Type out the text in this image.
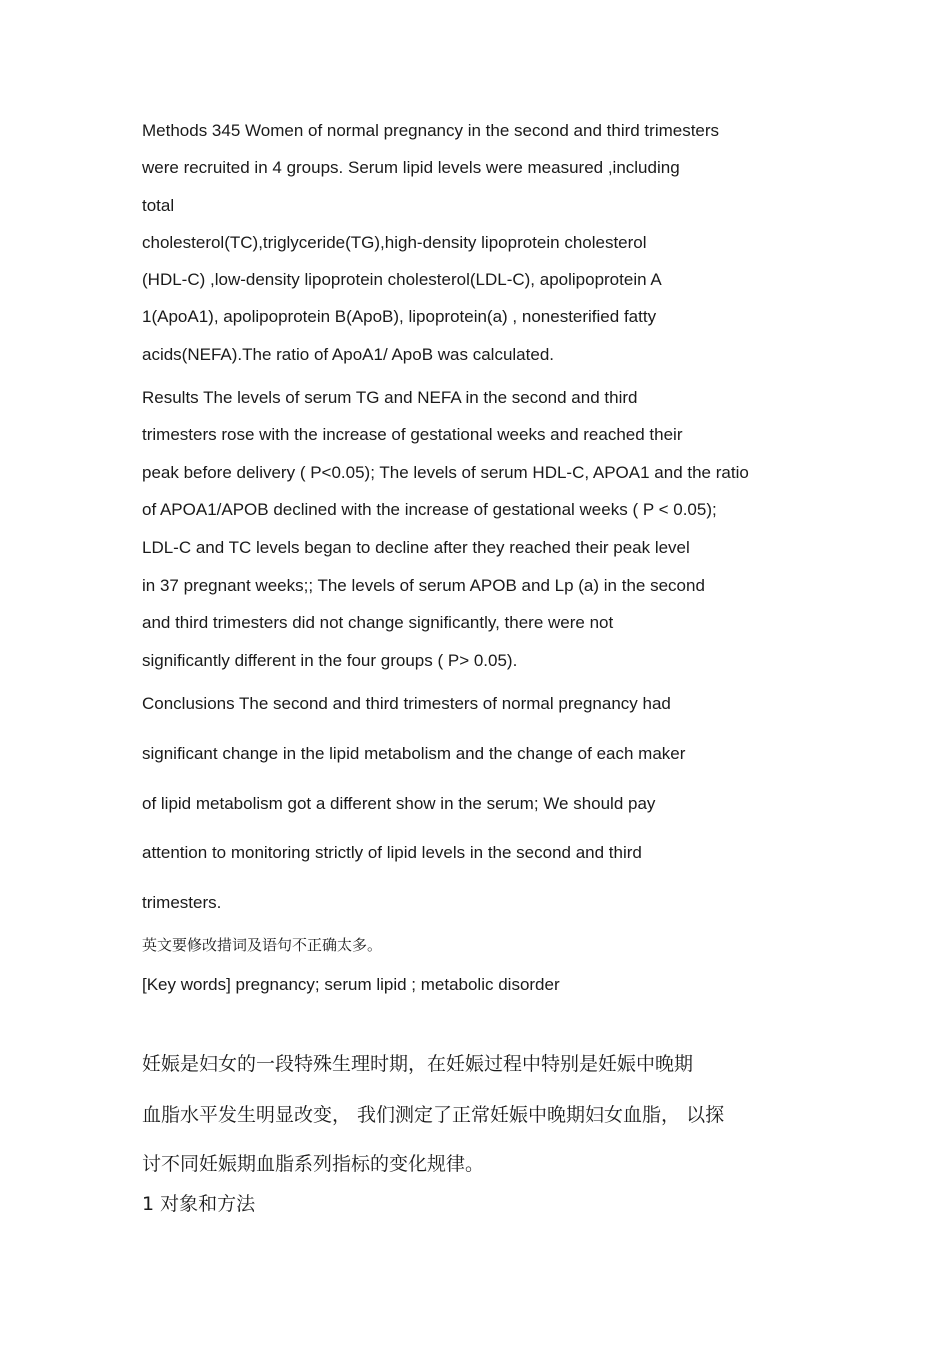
Methods 345 Women of normal pregnancy in the second and third trimesters
were recruited in 4 groups. Serum lipid levels were measured ,including
total
cholesterol(TC),triglyceride(TG),high-density lipoprotein cholesterol
(HDL-C) ,low-density lipoprotein cholesterol(LDL-C), apolipoprotein A
1(ApoA1), apolipoprotein B(ApoB), lipoprotein(a) , nonesterified fatty
acids(NEFA).The ratio of ApoA1/ ApoB was calculated.
Results The levels of serum TG and NEFA in the second and third
trimesters rose with the increase of gestational weeks and reached their
peak before delivery ( P<0.05); The levels of serum HDL-C, APOA1 and the ratio
of APOA1/APOB declined with the increase of gestational weeks ( P < 0.05);
LDL-C and TC levels began to decline after they reached their peak level
in 37 pregnant weeks;; The levels of serum APOB and Lp (a) in the second
and third trimesters did not change significantly, there were not
significantly different in the four groups ( P> 0.05).
Conclusions The second and third trimesters of normal pregnancy had
significant change in the lipid metabolism and the change of each maker
of lipid metabolism got a different show in the serum; We should pay
attention to monitoring strictly of lipid levels in the second and third
trimesters.
英文要修改措词及语句不正确太多。
[Key words] pregnancy; serum lipid ; metabolic disorder
妊娠是妇女的一段特殊生理时期，在妊娠过程中特别是妊娠中晚期
血脂水平发生明显改变， 我们测定了正常妊娠中晚期妇女血脂， 以探
讨不同妊娠期血脂系列指标的变化规律。
1 对象和方法
